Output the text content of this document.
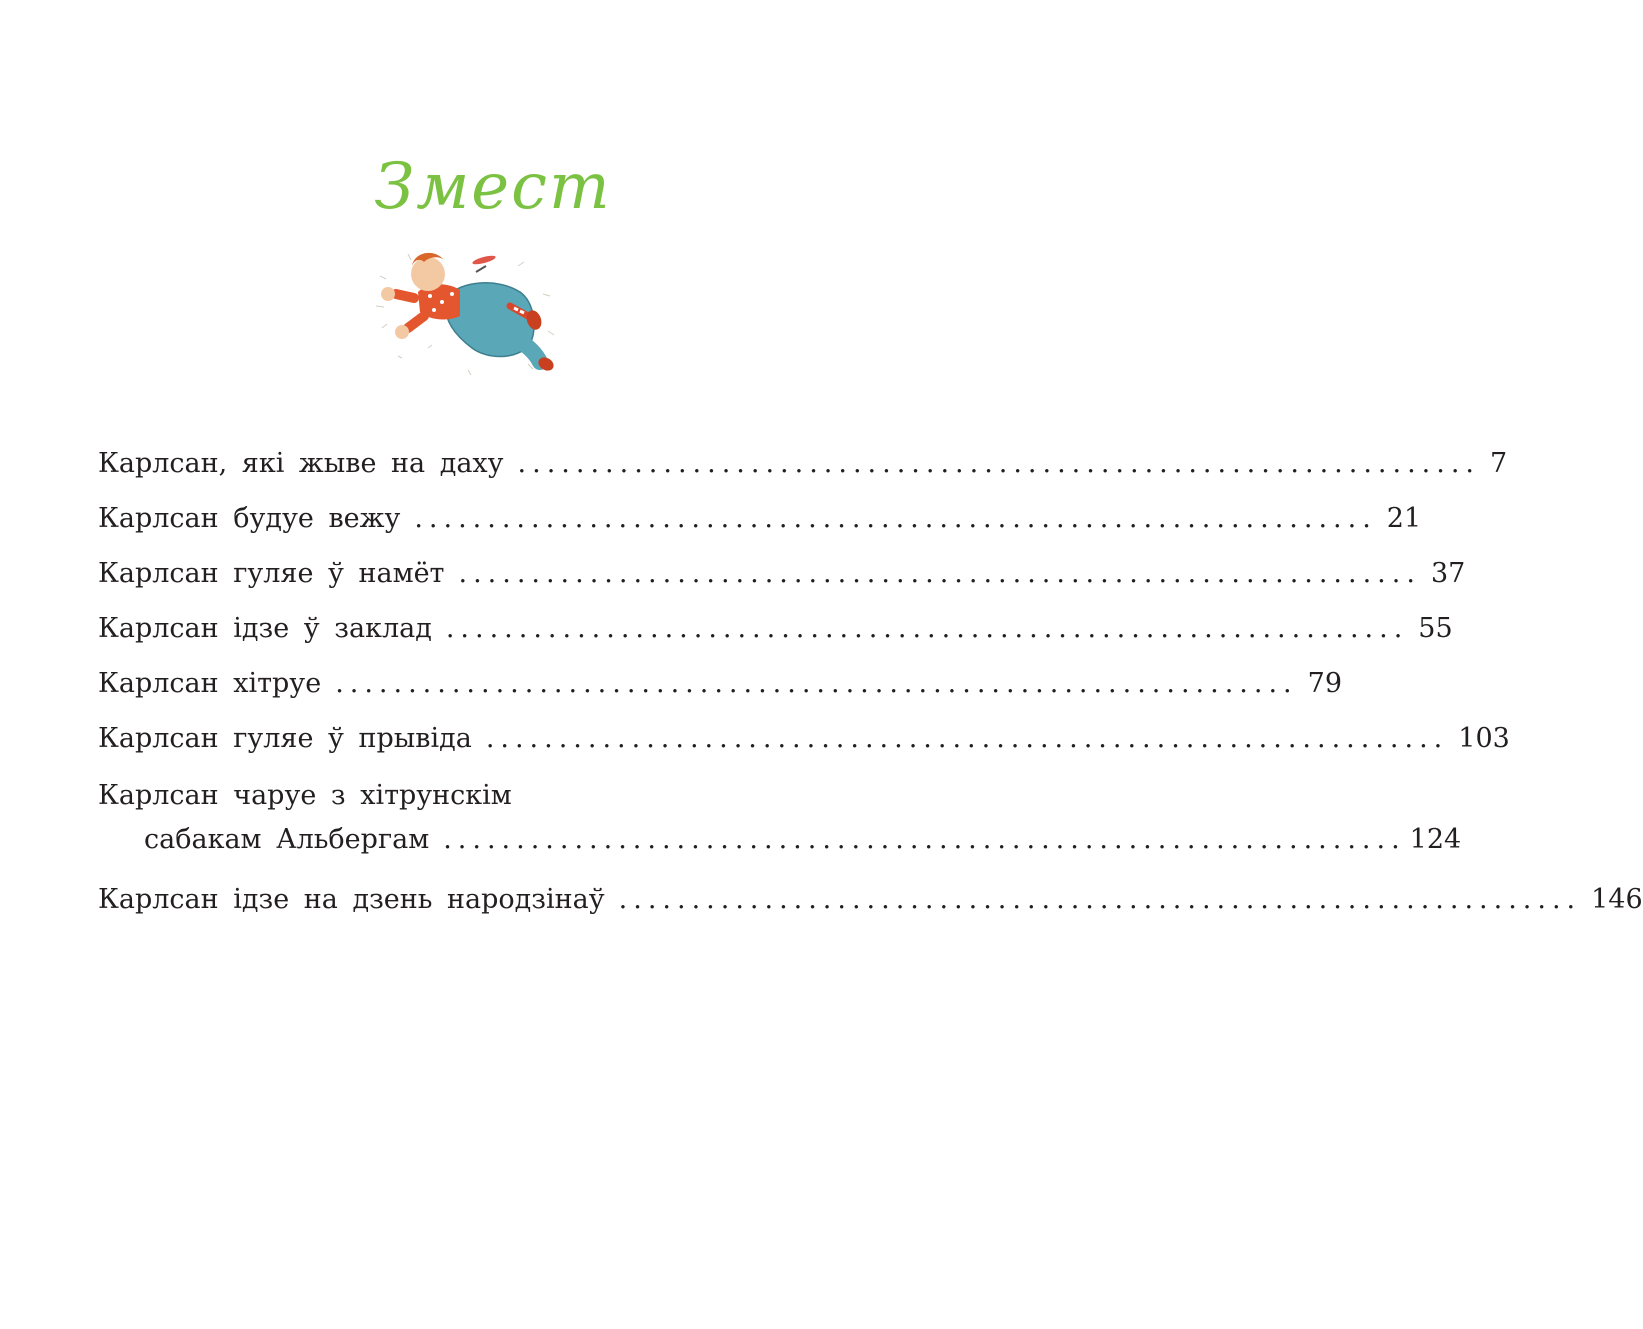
Змест
Карлсан, які жыве на даху .................................................................. 7
Карлсан будуе вежу .................................................................. 21
Карлсан гуляе ў намёт .................................................................. 37
Карлсан ідзе ў заклад .................................................................. 55
Карлсан хітруе .................................................................. 79
Карлсан гуляе ў прывіда .................................................................. 103
Карлсан чаруе з хітрунскім
сабакам Альбергам .................................................................. 124
Карлсан ідзе на дзень народзінаў .................................................................. 146
